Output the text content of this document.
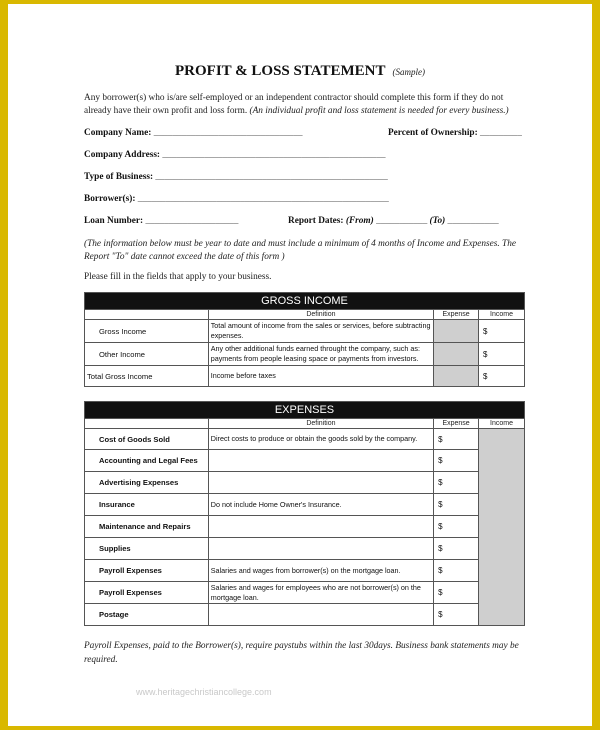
PROFIT & LOSS STATEMENT (Sample)
Any borrower(s) who is/are self-employed or an independent contractor should complete this form if they do not already have their own profit and loss form. (An individual profit and loss statement is needed for every business.)
Company Name: ________________________________	Percent of Ownership: _________
Company Address: ________________________________________________
Type of Business: __________________________________________________
Borrower(s): ______________________________________________________
Loan Number: ____________________	Report Dates: (From) ___________ (To) ___________
(The information below must be year to date and must include a minimum of 4 months of Income and Expenses. The Report "To" date cannot exceed the date of this form )
Please fill in the fields that apply to your business.
GROSS INCOME			
	Definition	Expense	Income
Gross Income	Total amount of income from the sales or services, before subtracting expenses.		$
Other Income	Any other additional funds earned throught the company, such as: payments from people leasing space or payments from investors.		$
Total Gross Income	Income before taxes		$
EXPENSES			
	Definition	Expense	Income
Cost of Goods Sold	Direct costs to produce or obtain the goods sold by the company.	$	
Accounting and Legal Fees		$	
Advertising Expenses		$	
Insurance	Do not include Home Owner's Insurance.	$	
Maintenance and Repairs		$	
Supplies		$	
Payroll Expenses	Salaries and wages from borrower(s) on the mortgage loan.	$	
Payroll Expenses	Salaries and wages for employees who are not borrower(s) on the mortgage loan.	$	
Postage		$	
Payroll Expenses, paid to the Borrower(s), require paystubs within the last 30days. Business bank statements may be required.
www.heritagechristiancollege.com
